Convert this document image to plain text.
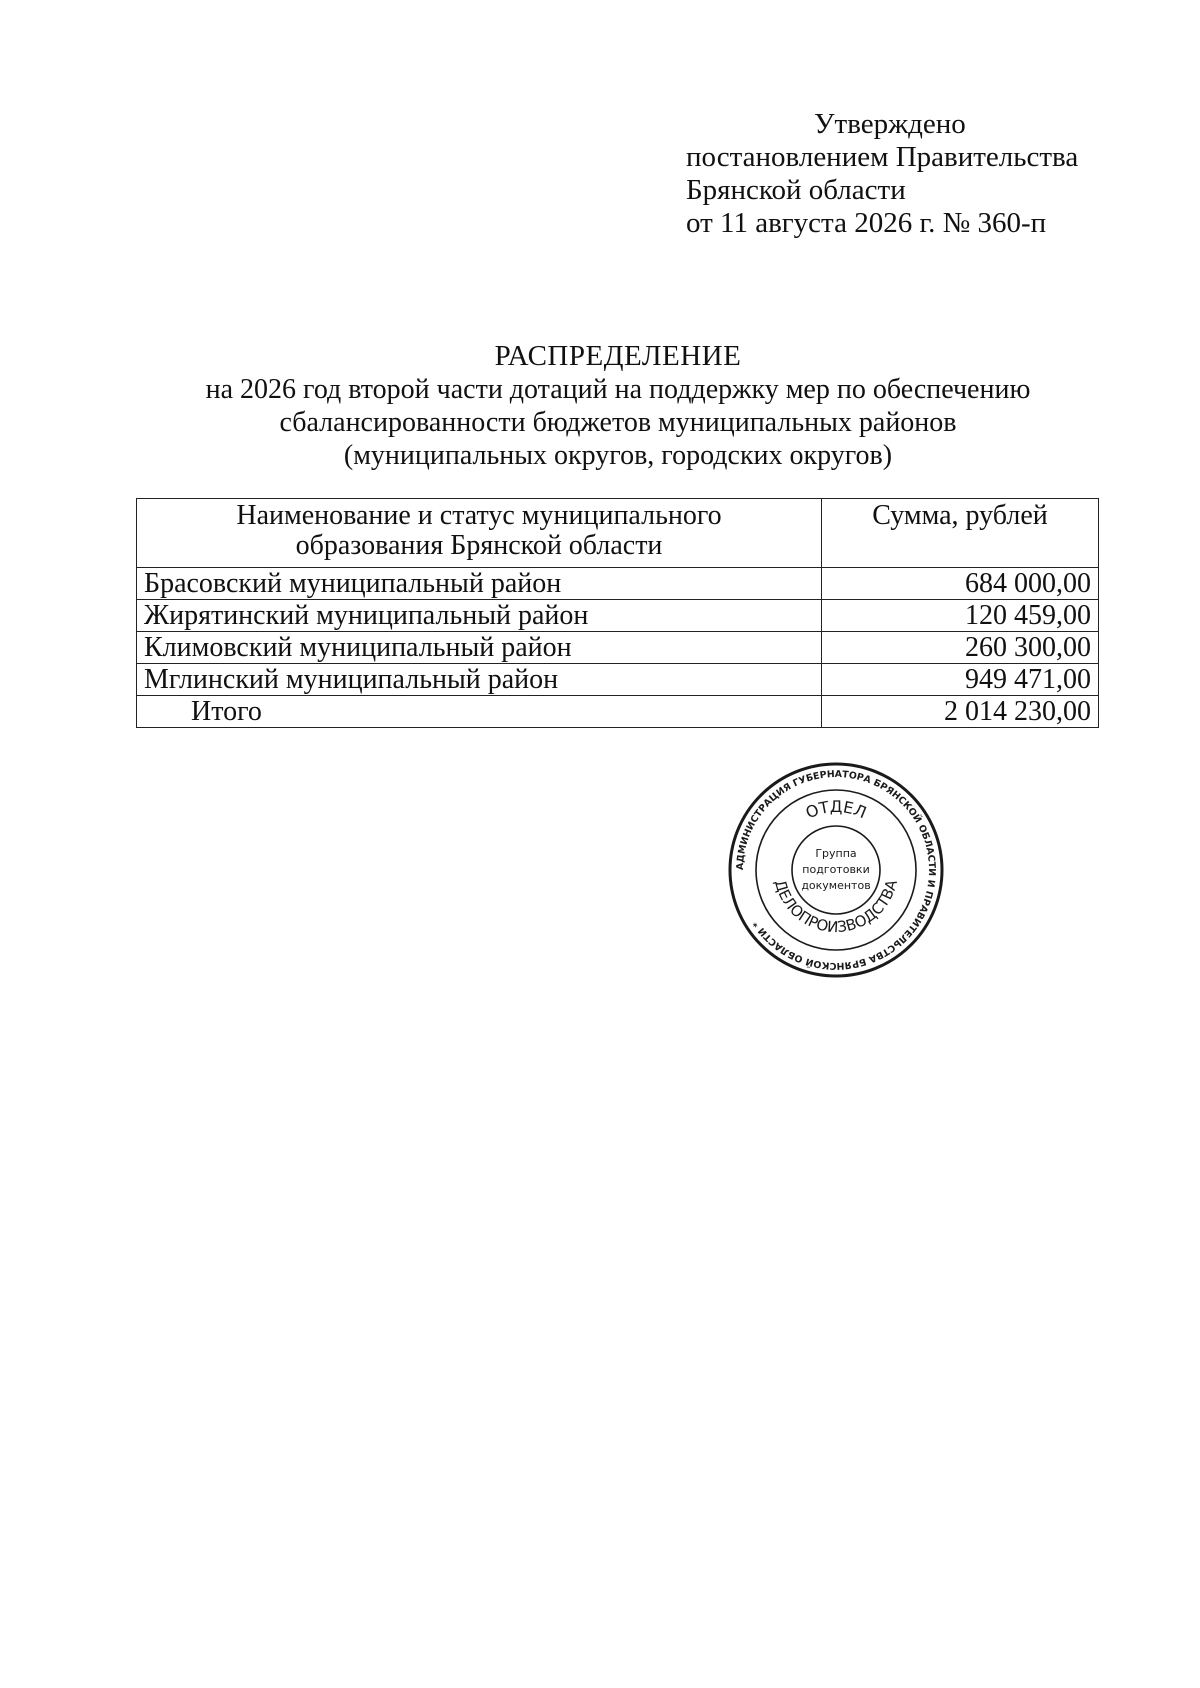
Утверждено
постановлением Правительства
Брянской области
от 11 августа 2026 г. № 360-п
РАСПРЕДЕЛЕНИЕ
на 2026 год второй части дотаций на поддержку мер по обеспечению
сбалансированности бюджетов муниципальных районов
(муниципальных округов, городских округов)
Наименование и статус муниципального
образования Брянской области	Сумма, рублей
Брасовский муниципальный район	684 000,00
Жирятинский муниципальный район	120 459,00
Климовский муниципальный район	260 300,00
Мглинский муниципальный район	949 471,00
Итого	2 014 230,00
АДМИНИСТРАЦИЯ ГУБЕРНАТОРА БРЯНСКОЙ ОБЛАСТИ И ПРАВИТЕЛЬСТВА БРЯНСКОЙ ОБЛАСТИ *
ОТДЕЛ
ДЕЛОПРОИЗВОДСТВА
Группа
подготовки
документов
